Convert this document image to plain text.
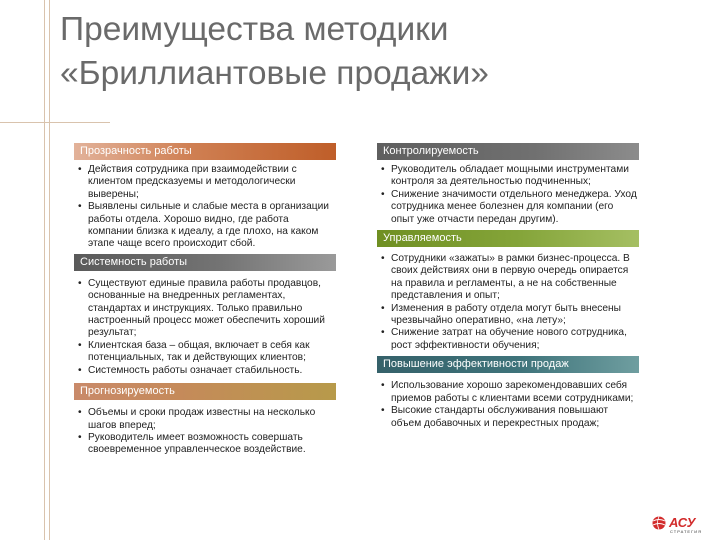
Преимущества методики
«Бриллиантовые продажи»
Прозрачность работы
• Действия сотрудника при взаимодействии с клиентом предсказуемы и методологически выверены;
• Выявлены сильные и слабые места в организации работы отдела. Хорошо видно, где работа компании близка к идеалу, а где плохо, на каком этапе чаще всего происходит сбой.
Системность работы
• Существуют единые правила работы продавцов, основанные на внедренных регламентах, стандартах и инструкциях. Только правильно настроенный процесс может обеспечить хороший результат;
• Клиентская база – общая, включает в себя как потенциальных, так и действующих клиентов;
• Системность работы означает стабильность.
Прогнозируемость
• Объемы и сроки продаж известны на несколько шагов вперед;
• Руководитель имеет возможность совершать своевременное управленческое воздействие.
Контролируемость
• Руководитель обладает мощными инструментами контроля за деятельностью подчиненных;
• Снижение значимости отдельного менеджера. Уход сотрудника менее болезнен для компании (его опыт уже отчасти передан другим).
Управляемость
• Сотрудники «зажаты» в рамки бизнес-процесса. В своих действиях они в первую очередь опирается на правила и регламенты, а не на собственные представления и опыт;
• Изменения в работу отдела могут быть внесены чрезвычайно оперативно, «на лету»;
• Снижение затрат на обучение нового сотрудника, рост эффективности обучения;
Повышение эффективности продаж
• Использование хорошо зарекомендовавших себя приемов работы с клиентами всеми сотрудниками;
• Высокие стандарты обслуживания повышают объем добавочных и перекрестных продаж;
АСУ
СТРАТЕГИЯ
